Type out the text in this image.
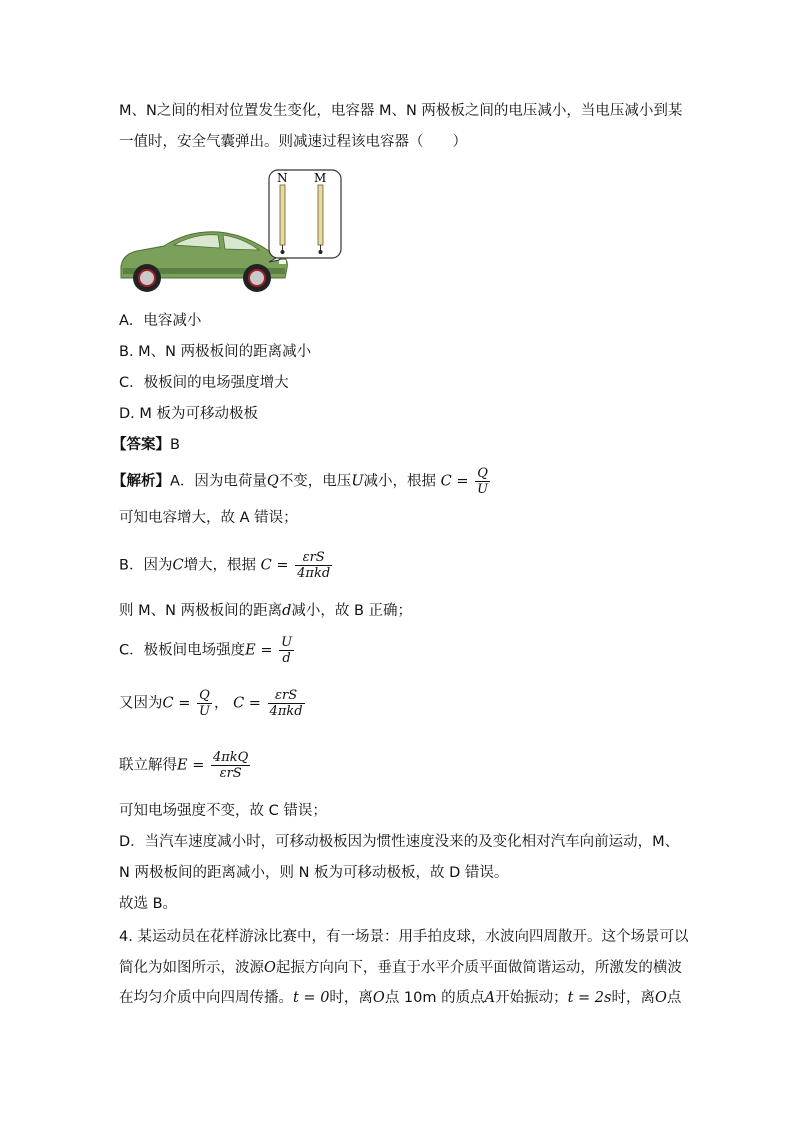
M、N之间的相对位置发生变化，电容器 M、N 两极板之间的电压减小，当电压减小到某
一值时，安全气囊弹出。则减速过程该电容器（　　）
N M
A．电容减小
B. M、N 两极板间的距离减小
C．极板间的电场强度增大
D. M 板为可移动极板
【答案】B
【解析】A．因为电荷量Q不变，电压U减小，根据 $C = \frac{Q}{U}$
可知电容增大，故 A 错误；
B．因为C增大，根据 $C = \frac{\text{εrS}}{\text{4πkd}}$
则 M、N 两极板间的距离d减小，故 B 正确；
C．极板间电场强度$E = \frac{U}{d}$
又因为$C = \frac{Q}{U}$ ， $C = \frac{\text{εrS}}{\text{4πkd}}$
联立解得$E = \frac{\text{4πkQ}}{\text{εrS}}$
可知电场强度不变，故 C 错误；
D．当汽车速度减小时，可移动极板因为惯性速度没来的及变化相对汽车向前运动，M、
N 两极板间的距离减小，则 N 板为可移动极板，故 D 错误。
故选 B。
4. 某运动员在花样游泳比赛中，有一场景：用手拍皮球，水波向四周散开。这个场景可以
简化为如图所示，波源O起振方向向下，垂直于水平介质平面做简谐运动，所激发的横波
在均匀介质中向四周传播。t = 0时，离O点 10m 的质点A开始振动；t = 2s时，离O点
